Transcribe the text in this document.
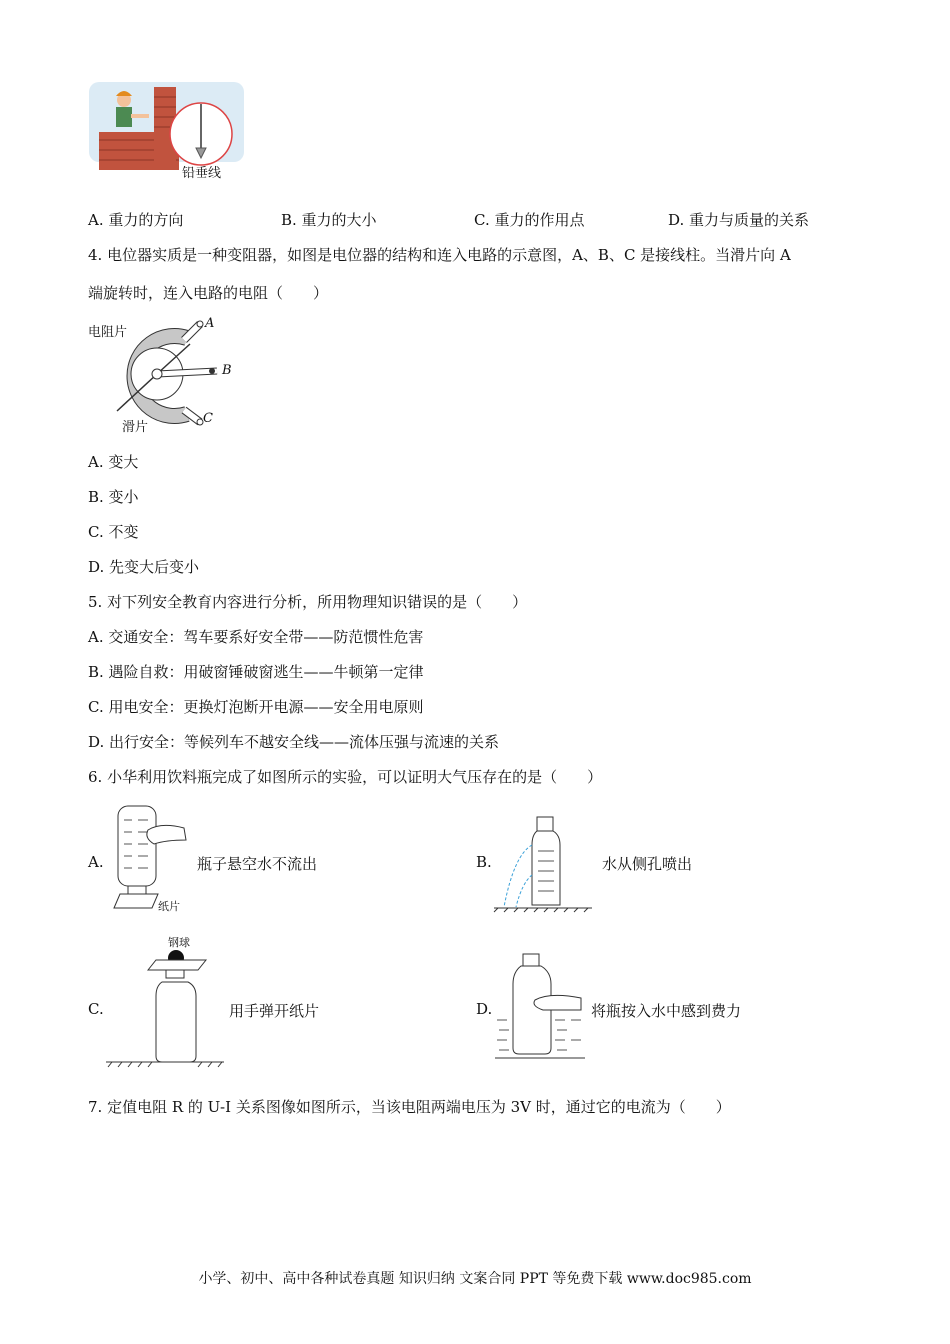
铅垂线
A. 重力的方向	B. 重力的大小	C. 重力的作用点	D. 重力与质量的关系
4. 电位器实质是一种变阻器，如图是电位器的结构和连入电路的示意图，A、B、C 是接线柱。当滑片向 A
端旋转时，连入电路的电阻（　　）
电阻片
滑片
A
B
C
A. 变大
B. 变小
C. 不变
D. 先变大后变小
5. 对下列安全教育内容进行分析，所用物理知识错误的是（　　）
A. 交通安全：驾车要系好安全带——防范惯性危害
B. 遇险自救：用破窗锤破窗逃生——牛顿第一定律
C. 用电安全：更换灯泡断开电源——安全用电原则
D. 出行安全：等候列车不越安全线——流体压强与流速的关系
6. 小华利用饮料瓶完成了如图所示的实验，可以证明大气压存在的是（　　）
A.
纸片
瓶子悬空水不流出	B.	水从侧孔喷出
钢球
C.	用手弹开纸片	D.	将瓶按入水中感到费力
7. 定值电阻 R 的 U-I 关系图像如图所示，当该电阻两端电压为 3V 时，通过它的电流为（　　）
小学、初中、高中各种试卷真题 知识归纳 文案合同 PPT 等免费下载 www.doc985.com
